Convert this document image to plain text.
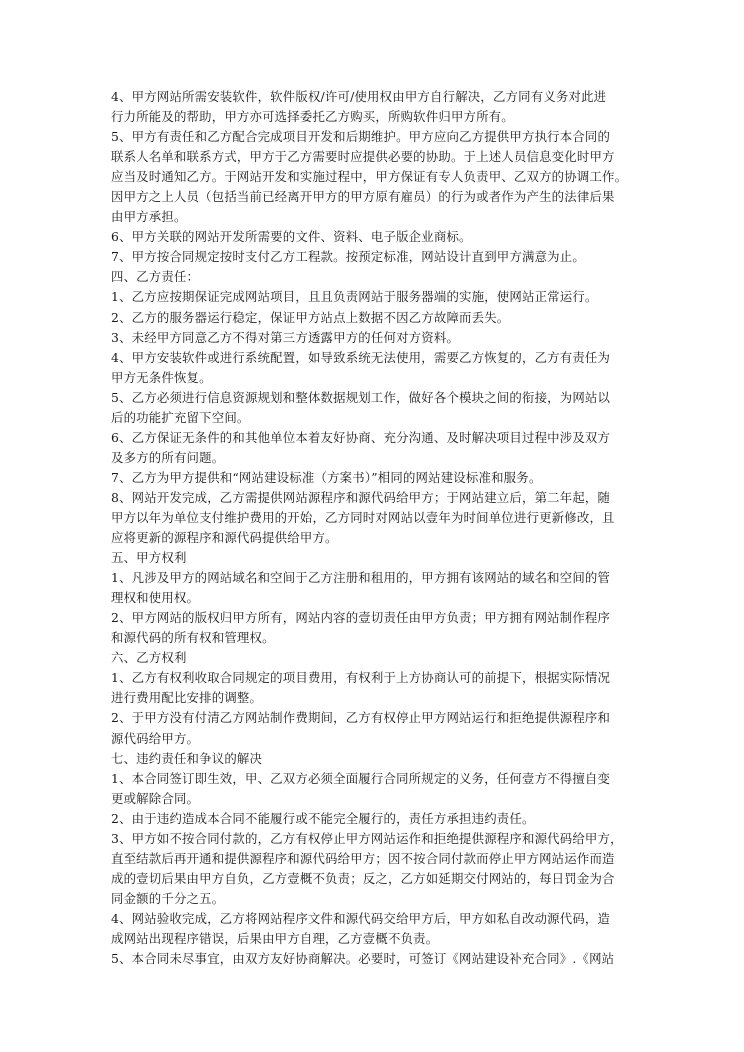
4、甲方网站所需安装软件，软件版权/许可/使用权由甲方自行解决，乙方同有义务对此进
行力所能及的帮助，甲方亦可选择委托乙方购买，所购软件归甲方所有。
5、甲方有责任和乙方配合完成项目开发和后期维护。甲方应向乙方提供甲方执行本合同的
联系人名单和联系方式，甲方于乙方需要时应提供必要的协助。于上述人员信息变化时甲方
应当及时通知乙方。于网站开发和实施过程中，甲方保证有专人负责甲、乙双方的协调工作。
因甲方之上人员（包括当前已经离开甲方的甲方原有雇员）的行为或者作为产生的法律后果
由甲方承担。
6、甲方关联的网站开发所需要的文件、资料、电子版企业商标。
7、甲方按合同规定按时支付乙方工程款。按预定标准，网站设计直到甲方满意为止。
四、乙方责任：
1、乙方应按期保证完成网站项目，且且负责网站于服务器端的实施，使网站正常运行。
2、乙方的服务器运行稳定，保证甲方站点上数据不因乙方故障而丢失。
3、未经甲方同意乙方不得对第三方透露甲方的任何对方资料。
4、甲方安装软件或进行系统配置，如导致系统无法使用，需要乙方恢复的，乙方有责任为
甲方无条件恢复。
5、乙方必须进行信息资源规划和整体数据规划工作，做好各个模块之间的衔接，为网站以
后的功能扩充留下空间。
6、乙方保证无条件的和其他单位本着友好协商、充分沟通、及时解决项目过程中涉及双方
及多方的所有问题。
7、乙方为甲方提供和“网站建设标准（方案书）”相同的网站建设标准和服务。
8、网站开发完成，乙方需提供网站源程序和源代码给甲方；于网站建立后，第二年起，随
甲方以年为单位支付维护费用的开始，乙方同时对网站以壹年为时间单位进行更新修改，且
应将更新的源程序和源代码提供给甲方。
五、甲方权利
1、凡涉及甲方的网站域名和空间于乙方注册和租用的，甲方拥有该网站的域名和空间的管
理权和使用权。
2、甲方网站的版权归甲方所有，网站内容的壹切责任由甲方负责；甲方拥有网站制作程序
和源代码的所有权和管理权。
六、乙方权利
1、乙方有权利收取合同规定的项目费用，有权利于上方协商认可的前提下，根据实际情况
进行费用配比安排的调整。
2、于甲方没有付清乙方网站制作费期间，乙方有权停止甲方网站运行和拒绝提供源程序和
源代码给甲方。
七、违约责任和争议的解决
1、本合同签订即生效，甲、乙双方必须全面履行合同所规定的义务，任何壹方不得擅自变
更或解除合同。
2、由于违约造成本合同不能履行或不能完全履行的，责任方承担违约责任。
3、甲方如不按合同付款的，乙方有权停止甲方网站运作和拒绝提供源程序和源代码给甲方，
直至结款后再开通和提供源程序和源代码给甲方；因不按合同付款而停止甲方网站运作而造
成的壹切后果由甲方自负，乙方壹概不负责；反之，乙方如延期交付网站的，每日罚金为合
同金额的千分之五。
4、网站验收完成，乙方将网站程序文件和源代码交给甲方后，甲方如私自改动源代码，造
成网站出现程序错误，后果由甲方自理，乙方壹概不负责。
5、本合同未尽事宜，由双方友好协商解决。必要时，可签订《网站建设补充合同》.《网站
